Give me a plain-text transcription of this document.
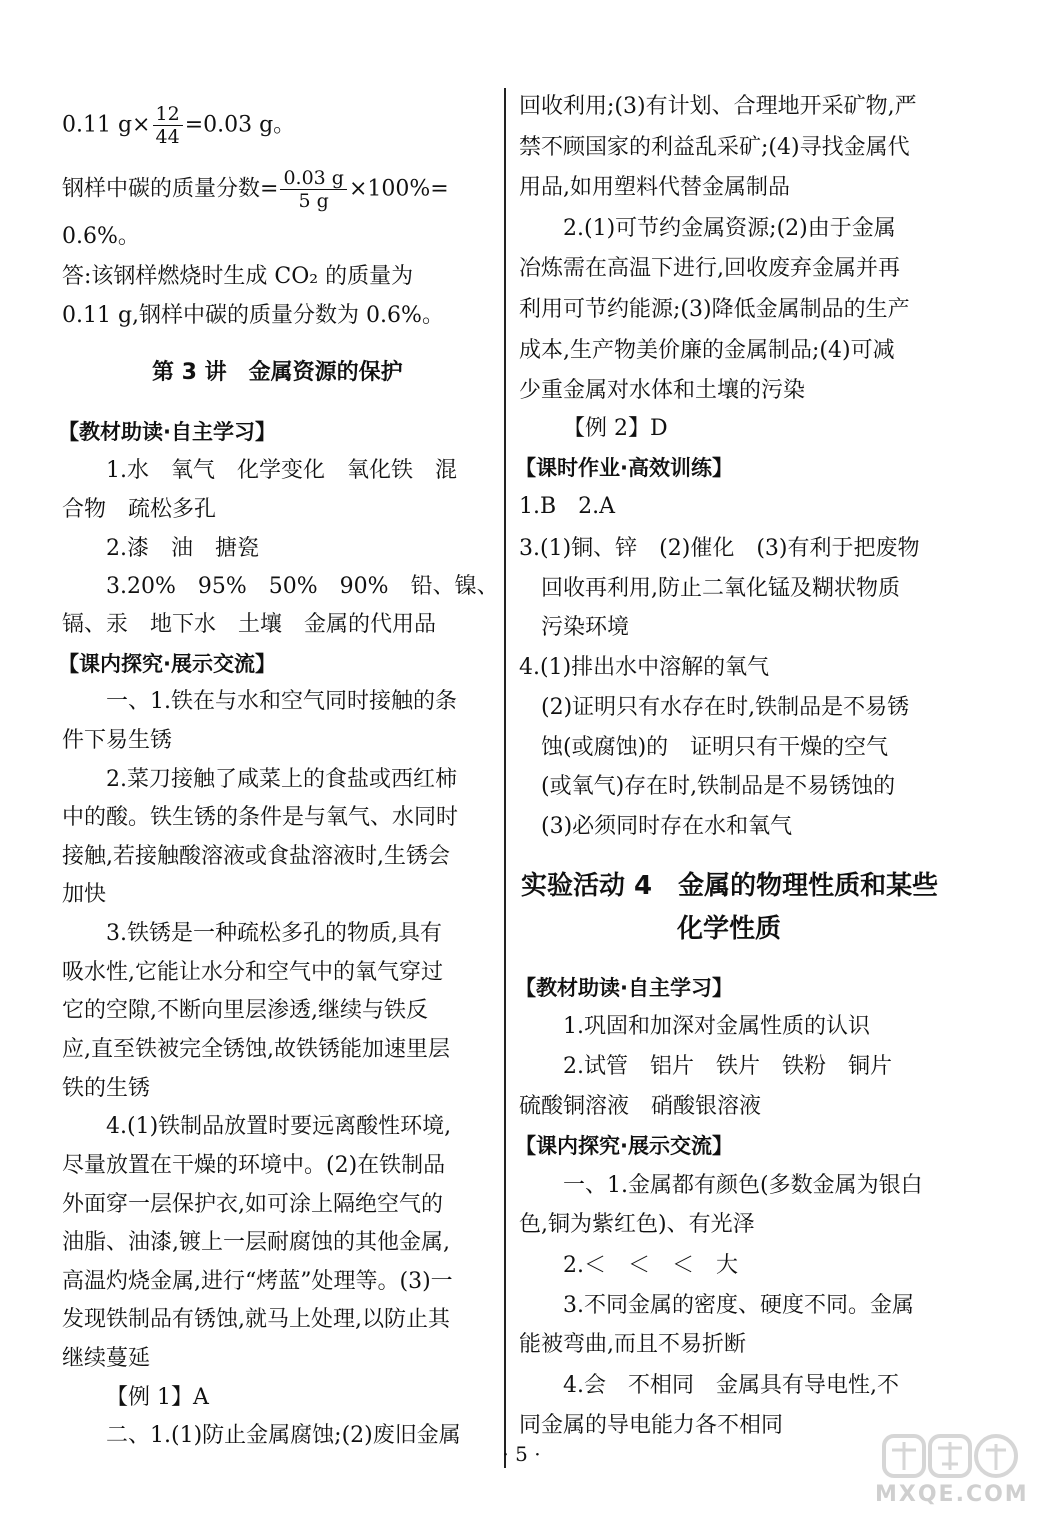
0.11 $g\times \frac{12}{44} =0.03$ g。
钢样中碳的质量分数= $\frac{0.03 g}{5 g} \times 100\%=$
0.6%。
答:该钢样燃烧时生成 CO₂ 的质量为
0.11 g,钢样中碳的质量分数为 0.6%。
第 3 讲　金属资源的保护
【教材助读·自主学习】
1.水　氧气　化学变化　氧化铁　混
合物　疏松多孔
2.漆　油　搪瓷
3.20%　95%　50%　90%　铅、镍、
镉、汞　地下水　土壤　金属的代用品
【课内探究·展示交流】
一、1.铁在与水和空气同时接触的条
件下易生锈
2.菜刀接触了咸菜上的食盐或西红柿
中的酸。铁生锈的条件是与氧气、水同时
接触,若接触酸溶液或食盐溶液时,生锈会
加快
3.铁锈是一种疏松多孔的物质,具有
吸水性,它能让水分和空气中的氧气穿过
它的空隙,不断向里层渗透,继续与铁反
应,直至铁被完全锈蚀,故铁锈能加速里层
铁的生锈
4.(1)铁制品放置时要远离酸性环境,
尽量放置在干燥的环境中。(2)在铁制品
外面穿一层保护衣,如可涂上隔绝空气的
油脂、油漆,镀上一层耐腐蚀的其他金属,
高温灼烧金属,进行“烤蓝”处理等。(3)一
发现铁制品有锈蚀,就马上处理,以防止其
继续蔓延
【例 1】A
二、1.(1)防止金属腐蚀;(2)废旧金属
回收利用;(3)有计划、合理地开采矿物,严
禁不顾国家的利益乱采矿;(4)寻找金属代
用品,如用塑料代替金属制品
2.(1)可节约金属资源;(2)由于金属
冶炼需在高温下进行,回收废弃金属并再
利用可节约能源;(3)降低金属制品的生产
成本,生产物美价廉的金属制品;(4)可减
少重金属对水体和土壤的污染
【例 2】D
【课时作业·高效训练】
1.B　2.A
3.(1)铜、锌　(2)催化　(3)有利于把废物
回收再利用,防止二氧化锰及糊状物质
污染环境
4.(1)排出水中溶解的氧气
(2)证明只有水存在时,铁制品是不易锈
蚀(或腐蚀)的　证明只有干燥的空气
(或氧气)存在时,铁制品是不易锈蚀的
(3)必须同时存在水和氧气
实验活动 4　金属的物理性质和某些
化学性质
【教材助读·自主学习】
1.巩固和加深对金属性质的认识
2.试管　铝片　铁片　铁粉　铜片
硫酸铜溶液　硝酸银溶液
【课内探究·展示交流】
一、1.金属都有颜色(多数金属为银白
色,铜为紫红色)、有光泽
2.＜　＜　＜　大
3.不同金属的密度、硬度不同。金属
能被弯曲,而且不易折断
4.会　不相同　金属具有导电性,不
同金属的导电能力各不相同
· 5 ·
MXQE.COM
